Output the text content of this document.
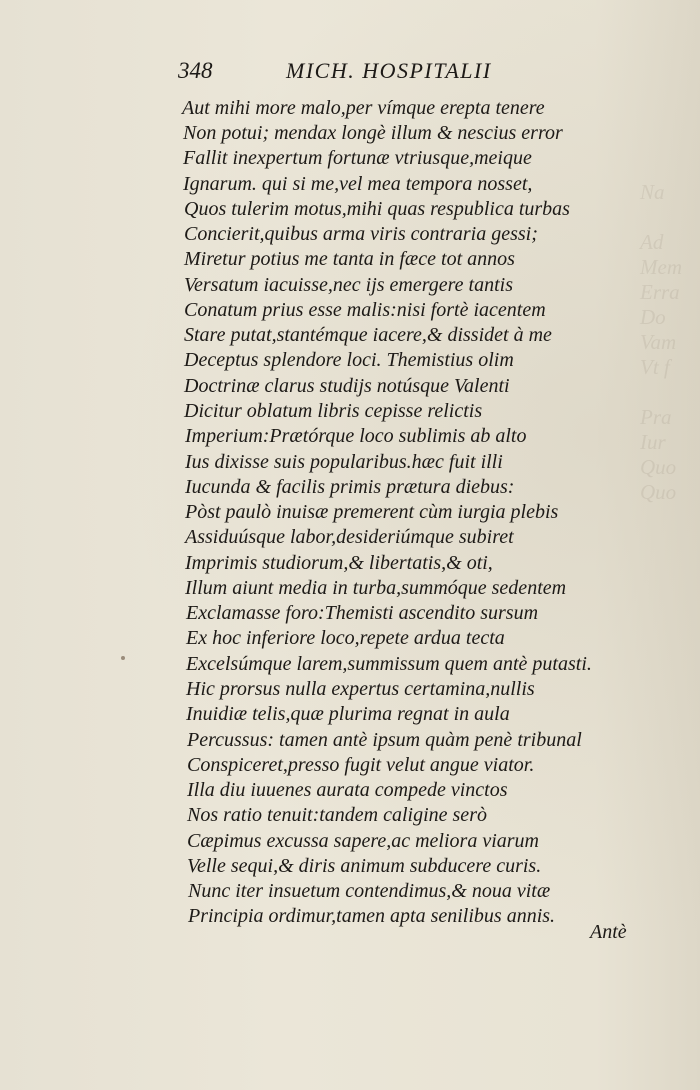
Na

Ad
Mem
Erra
Do
Vam
Vt f

Pra
Iur
Quo
Quo
348	MICH. HOSPITALII
Aut mihi more malo,per vímque erepta tenere
Non potui; mendax longè illum & nescius error
Fallit inexpertum fortunæ vtriusque,meique
Ignarum. qui si me,vel mea tempora nosset,
Quos tulerim motus,mihi quas respublica turbas
Concierit,quibus arma viris contraria gessi;
Miretur potius me tanta in fæce tot annos
Versatum iacuisse,nec ijs emergere tantis
Conatum prius esse malis:nisi fortè iacentem
Stare putat,stantémque iacere,& dissidet à me
Deceptus splendore loci. Themistius olim
Doctrinæ clarus studijs notúsque Valenti
Dicitur oblatum libris cepisse relictis
Imperium:Prætórque loco sublimis ab alto
Ius dixisse suis popularibus.hæc fuit illi
Iucunda & facilis primis prætura diebus:
Pòst paulò inuisæ premerent cùm iurgia plebis
Assiduúsque labor,desideriúmque subiret
Imprimis studiorum,& libertatis,& oti,
Illum aiunt media in turba,summóque sedentem
Exclamasse foro:Themisti ascendito sursum
Ex hoc inferiore loco,repete ardua tecta
Excelsúmque larem,summissum quem antè putasti.
Hic prorsus nulla expertus certamina,nullis
Inuidiæ telis,quæ plurima regnat in aula
Percussus: tamen antè ipsum quàm penè tribunal
Conspiceret,presso fugit velut angue viator.
Illa diu iuuenes aurata compede vinctos
Nos ratio tenuit:tandem caligine serò
Cæpimus excussa sapere,ac meliora viarum
Velle sequi,& diris animum subducere curis.
Nunc iter insuetum contendimus,& noua vitæ
Principia ordimur,tamen apta senilibus annis.
Antè
